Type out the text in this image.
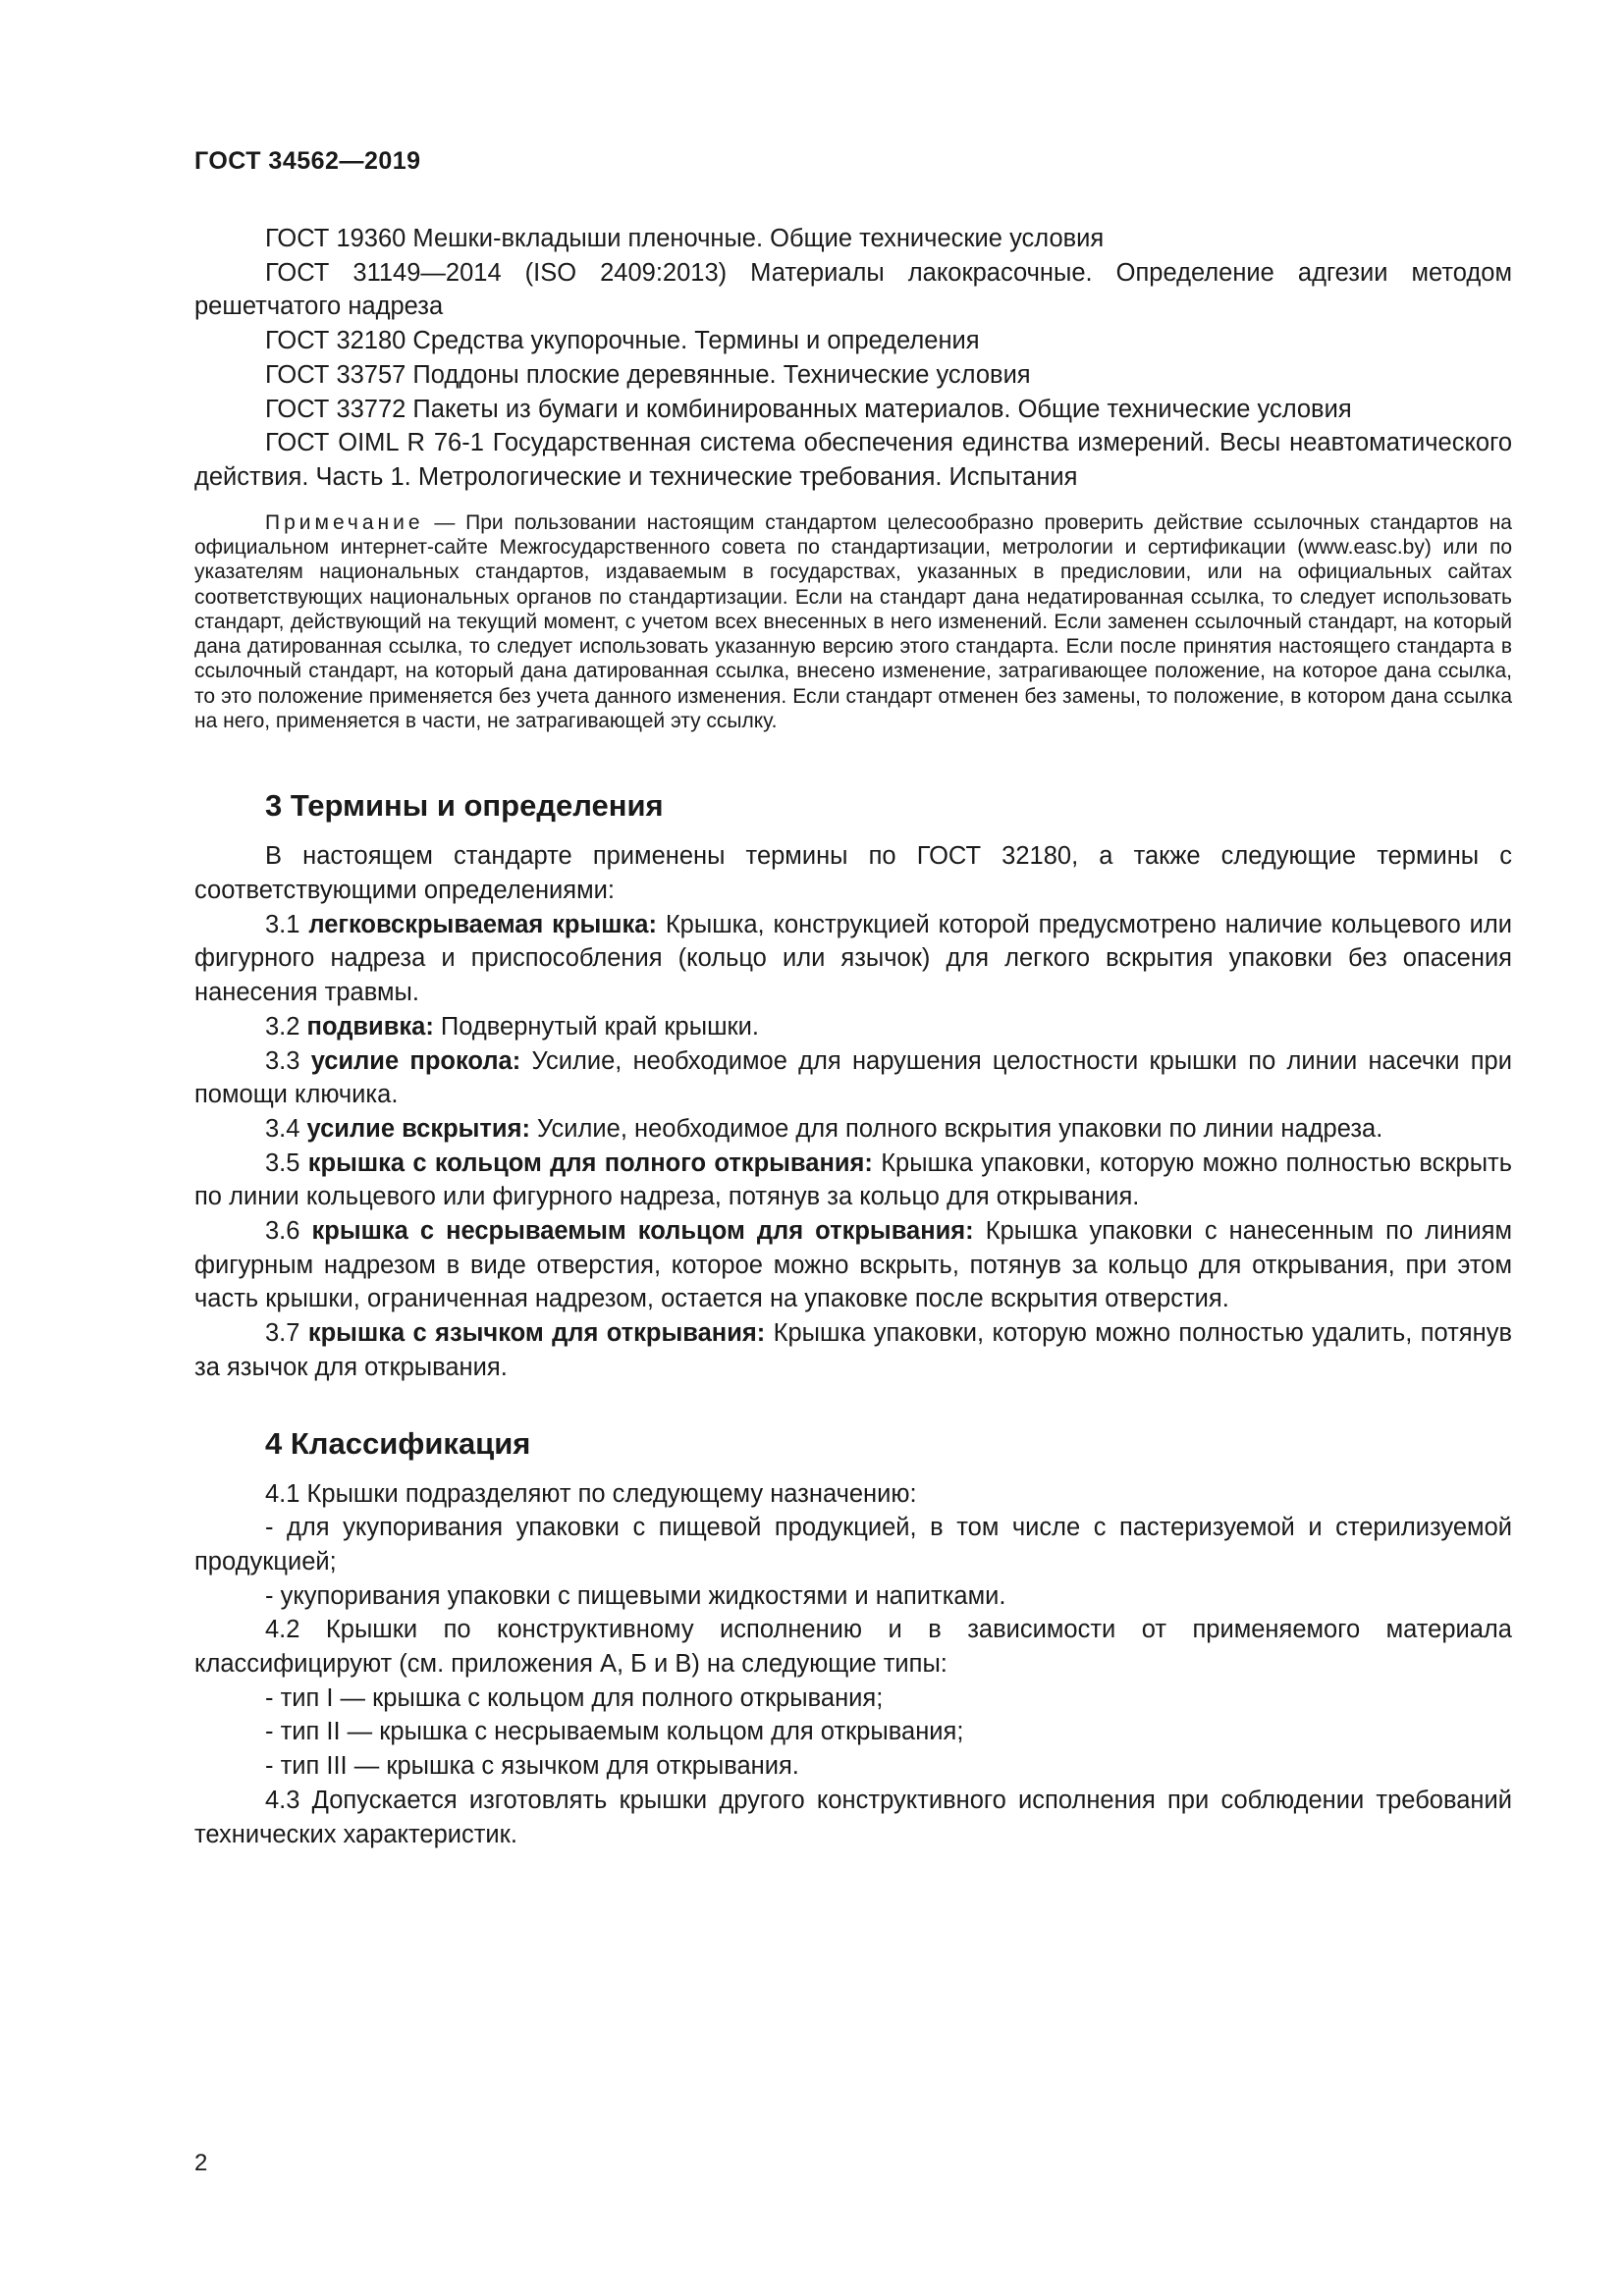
ГОСТ 34562—2019

ГОСТ 19360 Мешки-вкладыши пленочные. Общие технические условия

ГОСТ 31149—2014 (ISO 2409:2013) Материалы лакокрасочные. Определение адгезии методом решетчатого надреза

ГОСТ 32180 Средства укупорочные. Термины и определения

ГОСТ 33757 Поддоны плоские деревянные. Технические условия

ГОСТ 33772 Пакеты из бумаги и комбинированных материалов. Общие технические условия

ГОСТ OIML R 76-1 Государственная система обеспечения единства измерений. Весы неавтоматического действия. Часть 1. Метрологические и технические требования. Испытания

Примечание — При пользовании настоящим стандартом целесообразно проверить действие ссылочных стандартов на официальном интернет-сайте Межгосударственного совета по стандартизации, метрологии и сертификации (www.easc.by) или по указателям национальных стандартов, издаваемым в государствах, указанных в предисловии, или на официальных сайтах соответствующих национальных органов по стандартизации. Если на стандарт дана недатированная ссылка, то следует использовать стандарт, действующий на текущий момент, с учетом всех внесенных в него изменений. Если заменен ссылочный стандарт, на который дана датированная ссылка, то следует использовать указанную версию этого стандарта. Если после принятия настоящего стандарта в ссылочный стандарт, на который дана датированная ссылка, внесено изменение, затрагивающее положение, на которое дана ссылка, то это положение применяется без учета данного изменения. Если стандарт отменен без замены, то положение, в котором дана ссылка на него, применяется в части, не затрагивающей эту ссылку.

3 Термины и определения

В настоящем стандарте применены термины по ГОСТ 32180, а также следующие термины с соответствующими определениями:

3.1 легковскрываемая крышка: Крышка, конструкцией которой предусмотрено наличие кольцевого или фигурного надреза и приспособления (кольцо или язычок) для легкого вскрытия упаковки без опасения нанесения травмы.

3.2 подвивка: Подвернутый край крышки.

3.3 усилие прокола: Усилие, необходимое для нарушения целостности крышки по линии насечки при помощи ключика.

3.4 усилие вскрытия: Усилие, необходимое для полного вскрытия упаковки по линии надреза.

3.5 крышка с кольцом для полного открывания: Крышка упаковки, которую можно полностью вскрыть по линии кольцевого или фигурного надреза, потянув за кольцо для открывания.

3.6 крышка с несрываемым кольцом для открывания: Крышка упаковки с нанесенным по линиям фигурным надрезом в виде отверстия, которое можно вскрыть, потянув за кольцо для открывания, при этом часть крышки, ограниченная надрезом, остается на упаковке после вскрытия отверстия.

3.7 крышка с язычком для открывания: Крышка упаковки, которую можно полностью удалить, потянув за язычок для открывания.

4 Классификация

4.1 Крышки подразделяют по следующему назначению:

- для укупоривания упаковки с пищевой продукцией, в том числе с пастеризуемой и стерилизуемой продукцией;

- укупоривания упаковки с пищевыми жидкостями и напитками.

4.2 Крышки по конструктивному исполнению и в зависимости от применяемого материала классифицируют (см. приложения А, Б и В) на следующие типы:

- тип I — крышка с кольцом для полного открывания;

- тип II — крышка с несрываемым кольцом для открывания;

- тип III — крышка с язычком для открывания.

4.3 Допускается изготовлять крышки другого конструктивного исполнения при соблюдении требований технических характеристик.

2
